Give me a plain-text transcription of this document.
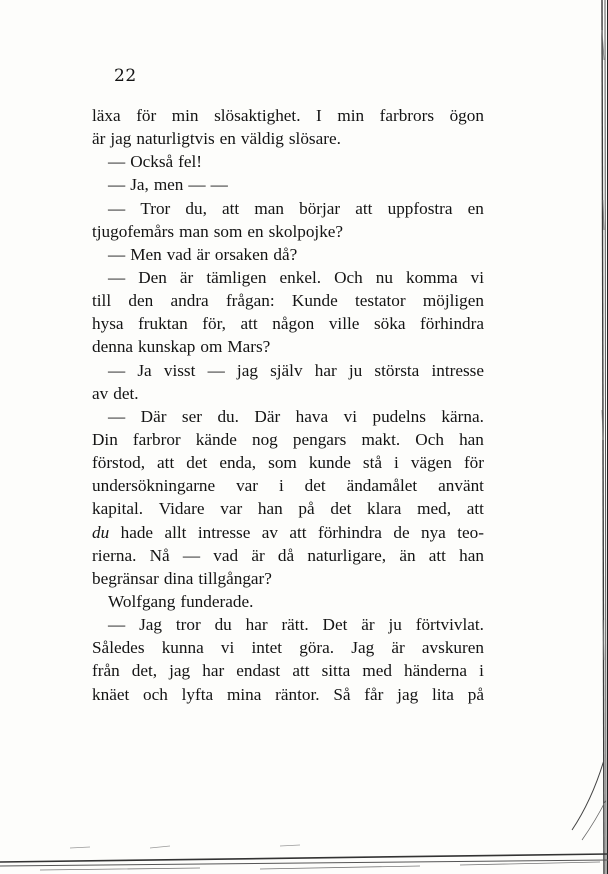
22
läxa för min slösaktighet. I min farbrors ögon
är jag naturligtvis en väldig slösare.
— Också fel!
— Ja, men — —
— Tror du, att man börjar att uppfostra en
tjugofemårs man som en skolpojke?
— Men vad är orsaken då?
— Den är tämligen enkel. Och nu komma vi
till den andra frågan: Kunde testator möjligen
hysa fruktan för, att någon ville söka förhindra
denna kunskap om Mars?
— Ja visst — jag själv har ju största intresse
av det.
— Där ser du. Där hava vi pudelns kärna.
Din farbror kände nog pengars makt. Och han
förstod, att det enda, som kunde stå i vägen för
undersökningarne var i det ändamålet använt
kapital. Vidare var han på det klara med, att
du hade allt intresse av att förhindra de nya teo-
rierna. Nå — vad är då naturligare, än att han
begränsar dina tillgångar?
Wolfgang funderade.
— Jag tror du har rätt. Det är ju förtvivlat.
Således kunna vi intet göra. Jag är avskuren
från det, jag har endast att sitta med händerna i
knäet och lyfta mina räntor. Så får jag lita på
